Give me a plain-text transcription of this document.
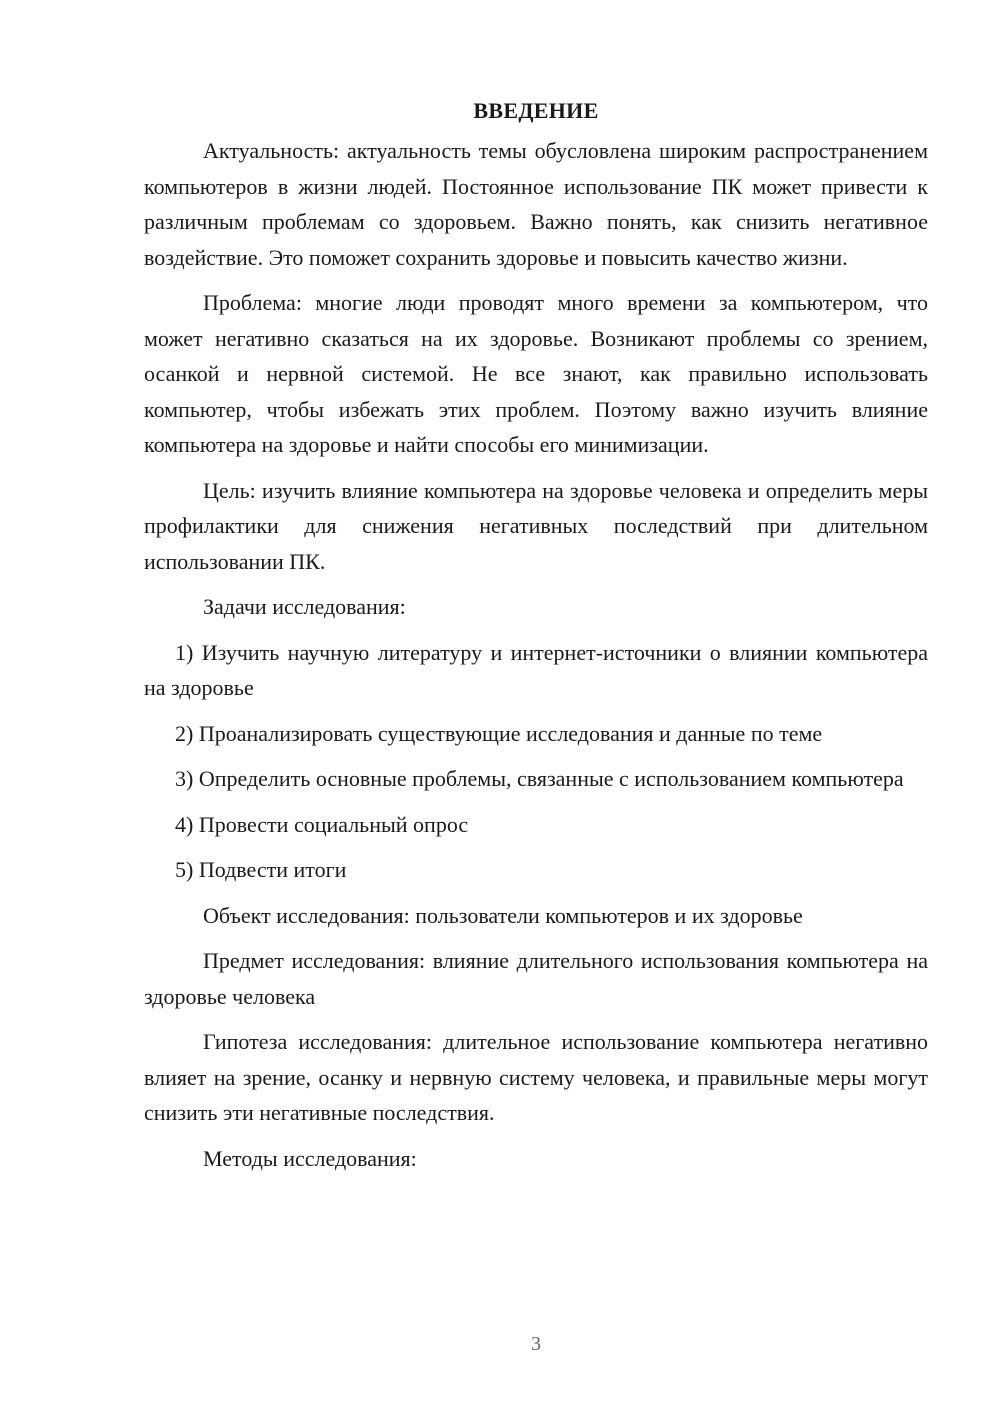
ВВЕДЕНИЕ

Актуальность: актуальность темы обусловлена широким распространением компьютеров в жизни людей. Постоянное использование ПК может привести к различным проблемам со здоровьем. Важно понять, как снизить негативное воздействие. Это поможет сохранить здоровье и повысить качество жизни.

Проблема: многие люди проводят много времени за компьютером, что может негативно сказаться на их здоровье. Возникают проблемы со зрением, осанкой и нервной системой. Не все знают, как правильно использовать компьютер, чтобы избежать этих проблем. Поэтому важно изучить влияние компьютера на здоровье и найти способы его минимизации.

Цель: изучить влияние компьютера на здоровье человека и определить меры профилактики для снижения негативных последствий при длительном использовании ПК.

Задачи исследования:

1) Изучить научную литературу и интернет-источники о влиянии компьютера на здоровье

2) Проанализировать существующие исследования и данные по теме

3) Определить основные проблемы, связанные с использованием компьютера

4) Провести социальный опрос

5) Подвести итоги

Объект исследования: пользователи компьютеров и их здоровье

Предмет исследования: влияние длительного использования компьютера на здоровье человека

Гипотеза исследования: длительное использование компьютера негативно влияет на зрение, осанку и нервную систему человека, и правильные меры могут снизить эти негативные последствия.

Методы исследования:

3
